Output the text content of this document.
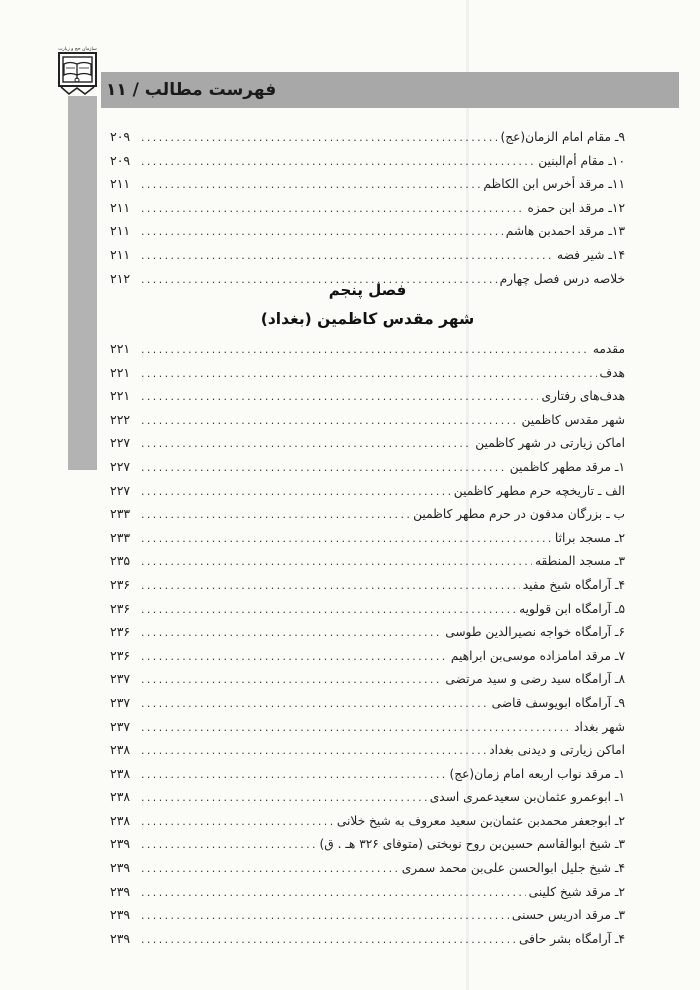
فهرست مطالب / ۱۱
سازمان حج و زیارت
۹ـ مقام امام الزمان(عج)
.....
۲۰۹
۱۰ـ مقام أم‌البنین
.....
۲۰۹
۱۱ـ مرقد أخرس ابن الکاظم
.....
۲۱۱
۱۲ـ مرقد ابن حمزه
.....
۲۱۱
۱۳ـ مرقد احمدبن هاشم
.....
۲۱۱
۱۴ـ شیر فضه
.....
۲۱۱
خلاصه درس فصل چهارم
.....
۲۱۲
فصل پنجم
شهر مقدس کاظمین (بغداد)
مقدمه
.....
۲۲۱
هدف
.....
۲۲۱
هدف‌های رفتاری
.....
۲۲۱
شهر مقدس کاظمین
.....
۲۲۲
اماکن زیارتی در شهر کاظمین
.....
۲۲۷
۱ـ مرقد مطهر کاظمین
.....
۲۲۷
الف ـ تاریخچه حرم مطهر کاظمین
.....
۲۲۷
ب ـ بزرگان مدفون در حرم مطهر کاظمین
.....
۲۳۳
۲ـ مسجد براثا
.....
۲۳۳
۳ـ مسجد المنطقه
.....
۲۳۵
۴ـ آرامگاه شیخ مفید
.....
۲۳۶
۵ـ آرامگاه ابن قولویه
.....
۲۳۶
۶ـ آرامگاه خواجه نصیرالدین طوسی
.....
۲۳۶
۷ـ مرقد امامزاده موسی‌بن ابراهیم
.....
۲۳۶
۸ـ آرامگاه سید رضی و سید مرتضی
.....
۲۳۷
۹ـ آرامگاه ابویوسف قاضی
.....
۲۳۷
شهر بغداد
.....
۲۳۷
اماکن زیارتی و دیدنی بغداد
.....
۲۳۸
۱ـ مرقد نواب اربعه امام زمان(عج)
.....
۲۳۸
۱ـ ابوعمرو عثمان‌بن سعیدعمری اسدی
.....
۲۳۸
۲ـ ابوجعفر محمدبن عثمان‌بن سعید معروف به شیخ خلانی
.....
۲۳۸
۳ـ شیخ ابوالقاسم حسین‌بن روح نوبختی (متوفای ۳۲۶ هـ . ق)
.....
۲۳۹
۴ـ شیخ جلیل ابوالحسن علی‌بن محمد سمری
.....
۲۳۹
۲ـ مرقد شیخ کلینی
.....
۲۳۹
۳ـ مرقد ادریس حسنی
.....
۲۳۹
۴ـ آرامگاه بشر حافی
.....
۲۳۹
